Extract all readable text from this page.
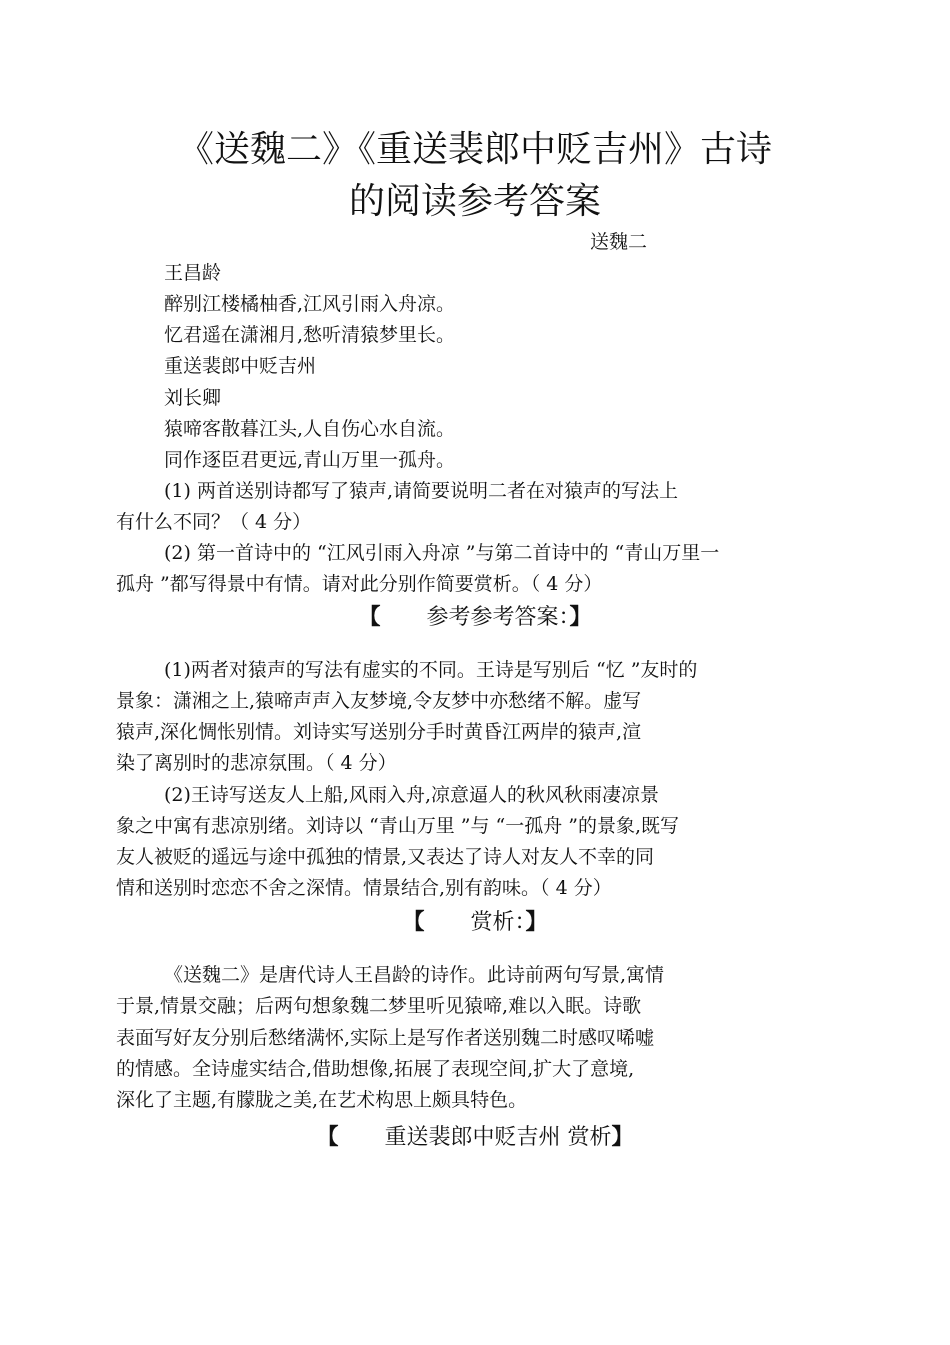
《送魏二》《重送裴郎中贬吉州》古诗
的阅读参考答案
送魏二
王昌龄
醉别江楼橘柚香,江风引雨入舟凉。
忆君遥在潇湘月,愁听清猿梦里长。
重送裴郎中贬吉州
刘长卿
猿啼客散暮江头,人自伤心水自流。
同作逐臣君更远,青山万里一孤舟。
(1) 两首送别诗都写了猿声,请简要说明二者在对猿声的写法上
有什么不同？（ 4 分）
(2) 第一首诗中的 “江风引雨入舟凉 ”与第二首诗中的 “青山万里一
孤舟 ”都写得景中有情。请对此分别作简要赏析。（ 4 分）
【 参考参考答案：】
(1)两者对猿声的写法有虚实的不同。王诗是写别后 “忆 ”友时的
景象：潇湘之上,猿啼声声入友梦境,令友梦中亦愁绪不解。虚写
猿声,深化惆怅别情。刘诗实写送别分手时黄昏江两岸的猿声,渲
染了离别时的悲凉氛围。（ 4 分）
(2)王诗写送友人上船,风雨入舟,凉意逼人的秋风秋雨凄凉景
象之中寓有悲凉别绪。刘诗以 “青山万里 ”与 “一孤舟 ”的景象,既写
友人被贬的遥远与途中孤独的情景,又表达了诗人对友人不幸的同
情和送别时恋恋不舍之深情。情景结合,别有韵味。（ 4 分）
【 赏析：】
《送魏二》是唐代诗人王昌龄的诗作。此诗前两句写景,寓情
于景,情景交融；后两句想象魏二梦里听见猿啼,难以入眠。诗歌
表面写好友分别后愁绪满怀,实际上是写作者送别魏二时感叹唏嘘
的情感。全诗虚实结合,借助想像,拓展了表现空间,扩大了意境,
深化了主题,有朦胧之美,在艺术构思上颇具特色。
【 重送裴郎中贬吉州 赏析】
